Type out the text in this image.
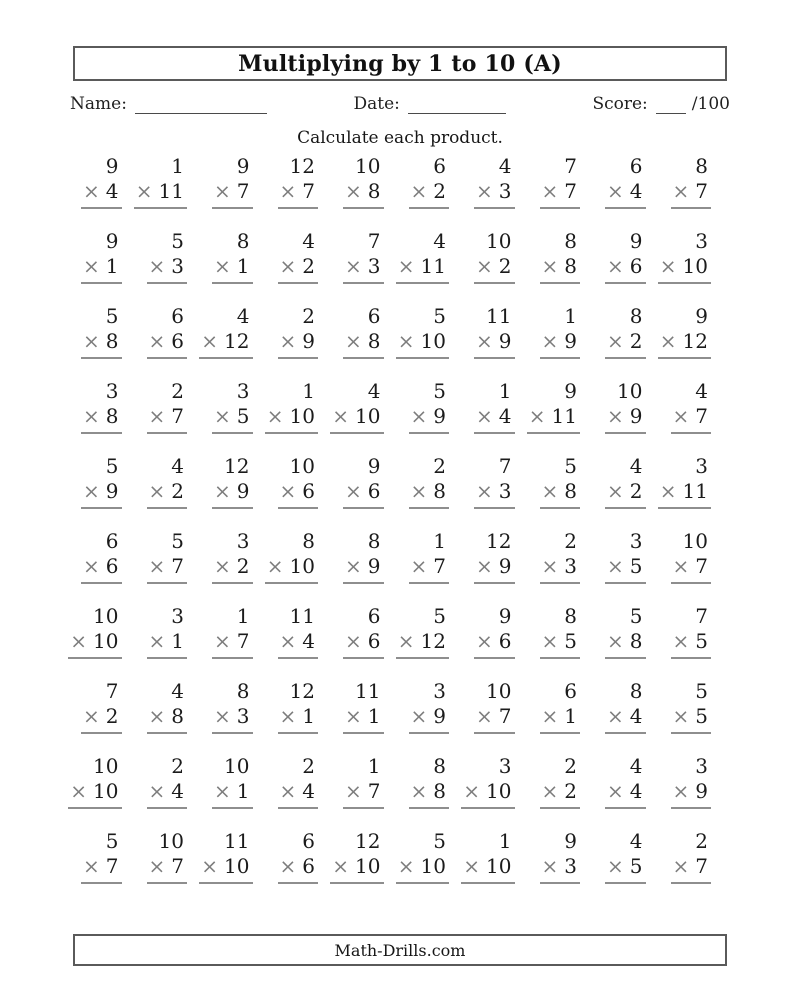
Multiplying by 1 to 10 (A)
Name:	Date:	Score:	/100
Calculate each product.
9
× 4
1
× 11
9
× 7
12
× 7
10
× 8
6
× 2
4
× 3
7
× 7
6
× 4
8
× 7
9
× 1
5
× 3
8
× 1
4
× 2
7
× 3
4
× 11
10
× 2
8
× 8
9
× 6
3
× 10
5
× 8
6
× 6
4
× 12
2
× 9
6
× 8
5
× 10
11
× 9
1
× 9
8
× 2
9
× 12
3
× 8
2
× 7
3
× 5
1
× 10
4
× 10
5
× 9
1
× 4
9
× 11
10
× 9
4
× 7
5
× 9
4
× 2
12
× 9
10
× 6
9
× 6
2
× 8
7
× 3
5
× 8
4
× 2
3
× 11
6
× 6
5
× 7
3
× 2
8
× 10
8
× 9
1
× 7
12
× 9
2
× 3
3
× 5
10
× 7
10
× 10
3
× 1
1
× 7
11
× 4
6
× 6
5
× 12
9
× 6
8
× 5
5
× 8
7
× 5
7
× 2
4
× 8
8
× 3
12
× 1
11
× 1
3
× 9
10
× 7
6
× 1
8
× 4
5
× 5
10
× 10
2
× 4
10
× 1
2
× 4
1
× 7
8
× 8
3
× 10
2
× 2
4
× 4
3
× 9
5
× 7
10
× 7
11
× 10
6
× 6
12
× 10
5
× 10
1
× 10
9
× 3
4
× 5
2
× 7
Math-Drills.com
